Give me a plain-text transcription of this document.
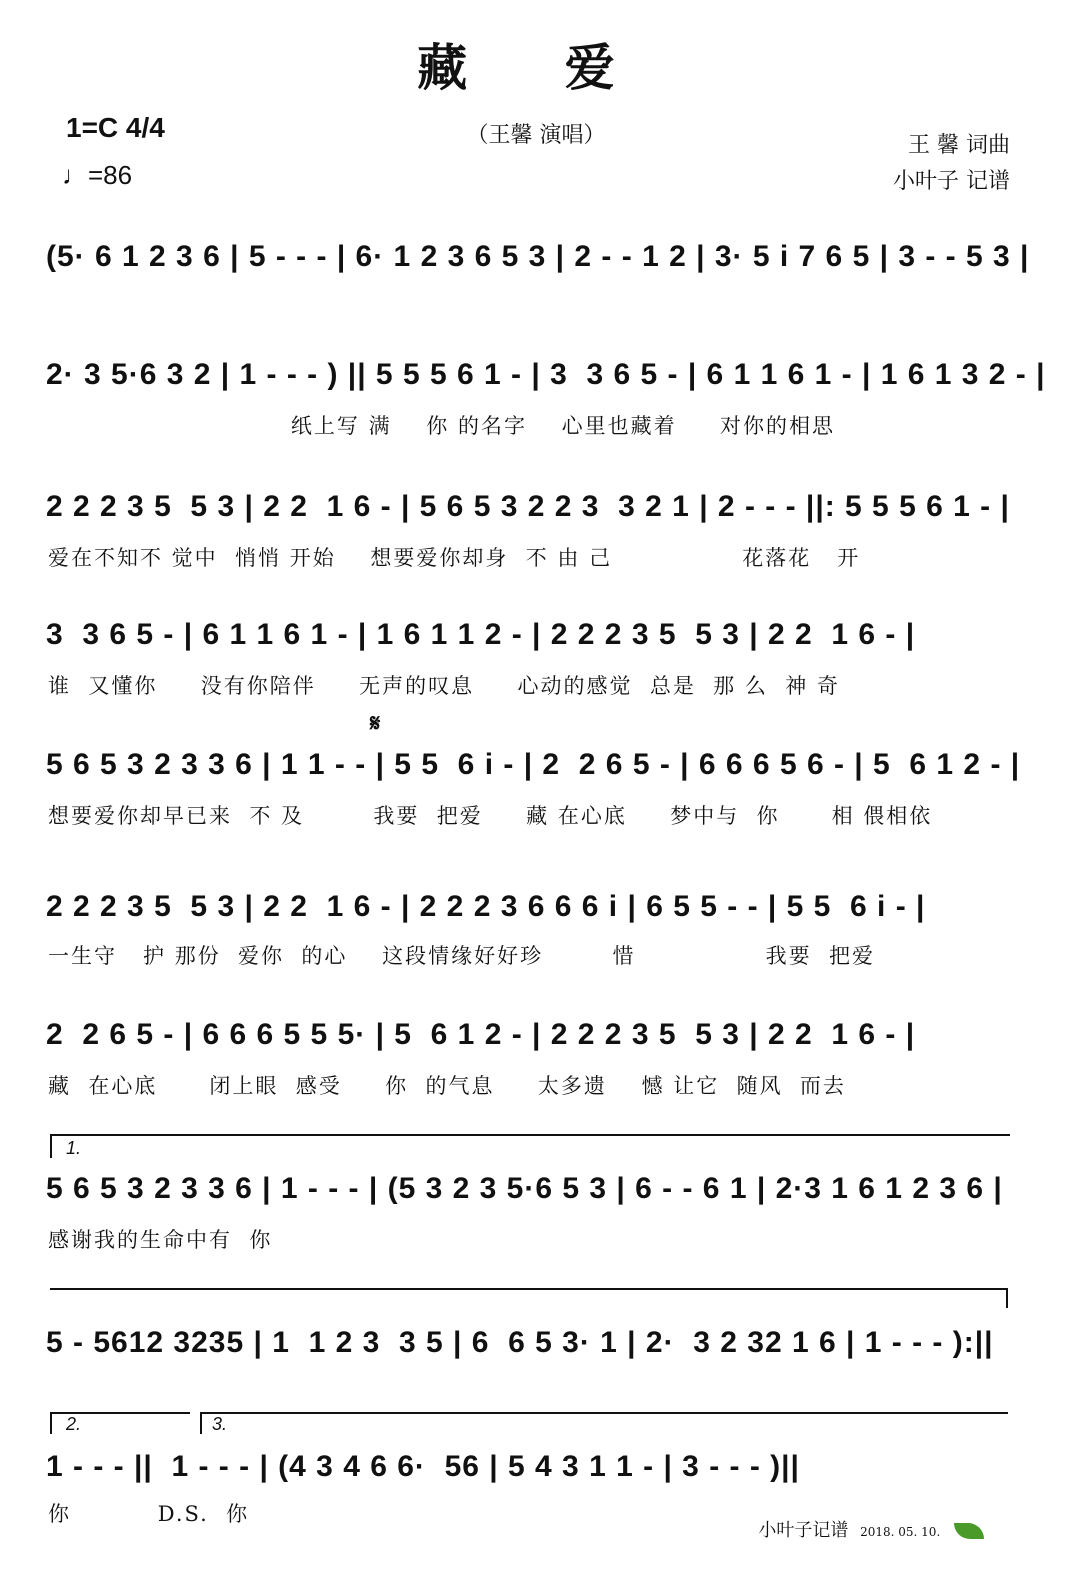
藏 爱
（王馨 演唱）
1=C 4/4
♩=86
王 馨 词曲
小叶子 记谱
(5· 6 1 2 3 6 | 5 - - - | 6· 1 2 3 6 5 3 | 2 - - 1 2 | 3· 5 i 7 6 5 | 3 - - 5 3 |
2· 3 5·6 3 2 | 1 - - - ) || 5 5 5 6 1 - | 3  3 6 5 - | 6 1 1 6 1 - | 1 6 1 3 2 - |
纸上写 满    你 的名字    心里也藏着     对你的相思
2 2 2 3 5  5 3 | 2 2  1 6 - | 5 6 5 3 2 2 3  3 2 1 | 2 - - - ||: 5 5 5 6 1 - |
爱在不知不 觉中  悄悄 开始    想要爱你却身  不 由 己               花落花   开
3  3 6 5 - | 6 1 1 6 1 - | 1 6 1 1 2 - | 2 2 2 3 5  5 3 | 2 2  1 6 - |
谁  又懂你     没有你陪伴     无声的叹息     心动的感觉  总是  那 么  神 奇
𝄋
5 6 5 3 2 3 3 6 | 1 1 - - | 5 5  6 i - | 2  2 6 5 - | 6 6 6 5 6 - | 5  6 1 2 - |
想要爱你却早已来  不 及        我要  把爱     藏 在心底     梦中与  你      相 偎相依
2 2 2 3 5  5 3 | 2 2  1 6 - | 2 2 2 3 6 6 6 i | 6 5 5 - - | 5 5  6 i - |
一生守   护 那份  爱你  的心    这段情缘好好珍        惜               我要  把爱
2  2 6 5 - | 6 6 6 5 5 5· | 5  6 1 2 - | 2 2 2 3 5  5 3 | 2 2  1 6 - |
藏  在心底      闭上眼  感受     你  的气息     太多遗    憾 让它  随风  而去
1.
5 6 5 3 2 3 3 6 | 1 - - - | (5 3 2 3 5·6 5 3 | 6 - - 6 1 | 2·3 1 6 1 2 3 6 |
感谢我的生命中有  你
5 - 5612 3235 | 1  1 2 3  3 5 | 6  6 5 3· 1 | 2·  3 2 32 1 6 | 1 - - - ):||
2.	3.
1 - - - ||  1 - - - | (4 3 4 6 6·  56 | 5 4 3 1 1 - | 3 - - - )||
你          D.S.  你
小叶子记谱 2018. 05. 10.
